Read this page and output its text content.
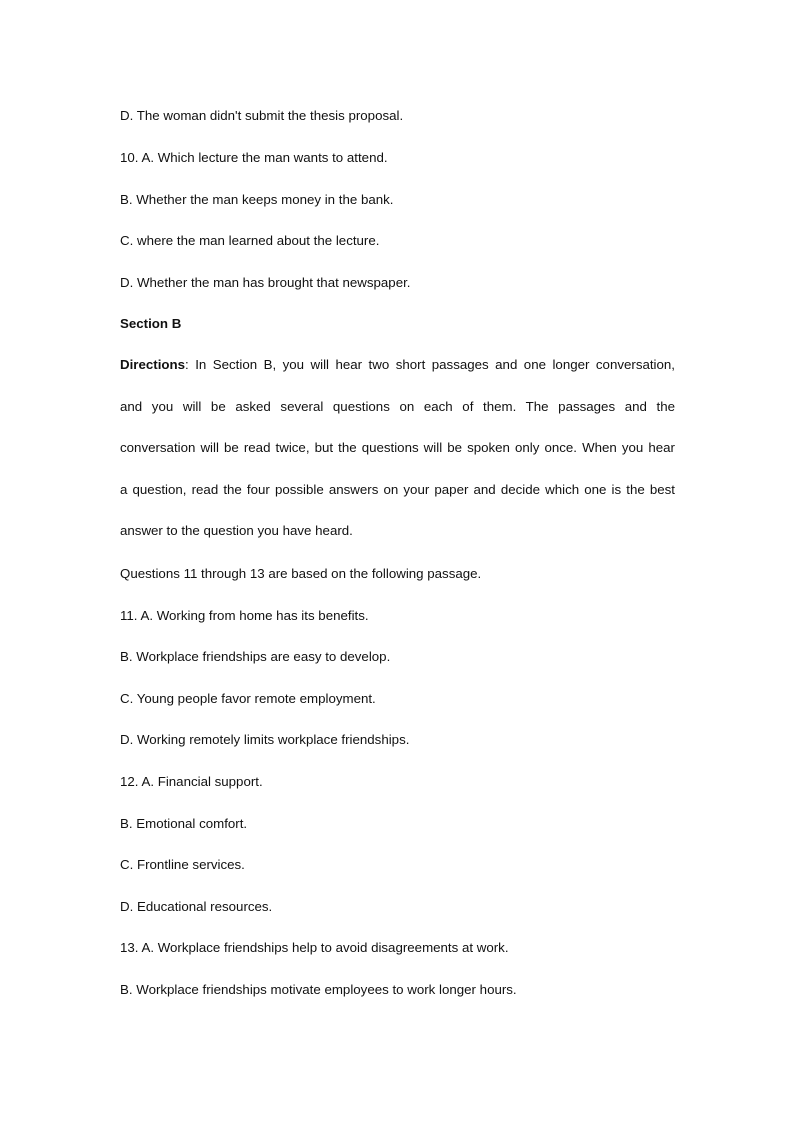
D. The woman didn't submit the thesis proposal.
10. A. Which lecture the man wants to attend.
B. Whether the man keeps money in the bank.
C. where the man learned about the lecture.
D. Whether the man has brought that newspaper.
Section B
Directions: In Section B, you will hear two short passages and one longer conversation,
and you will be asked several questions on each of them. The passages and the
conversation will be read twice, but the questions will be spoken only once. When you hear
a question, read the four possible answers on your paper and decide which one is the best
answer to the question you have heard.
Questions 11 through 13 are based on the following passage.
11. A. Working from home has its benefits.
B. Workplace friendships are easy to develop.
C. Young people favor remote employment.
D. Working remotely limits workplace friendships.
12. A. Financial support.
B. Emotional comfort.
C. Frontline services.
D. Educational resources.
13. A. Workplace friendships help to avoid disagreements at work.
B. Workplace friendships motivate employees to work longer hours.
